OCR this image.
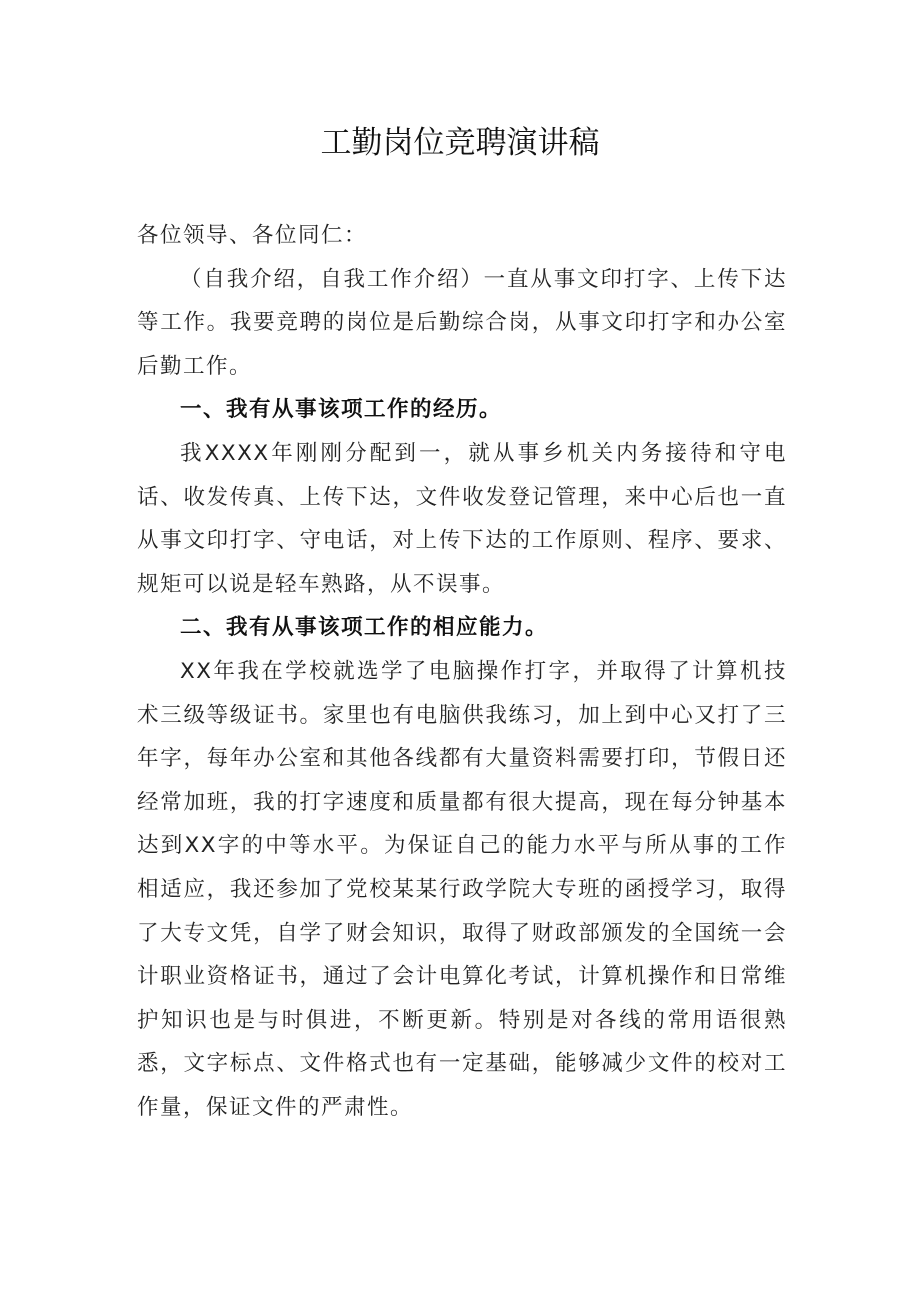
工勤岗位竞聘演讲稿

各位领导、各位同仁：

（自我介绍，自我工作介绍）一直从事文印打字、上传下达等工作。我要竞聘的岗位是后勤综合岗，从事文印打字和办公室后勤工作。

一、我有从事该项工作的经历。

我XXXX年刚刚分配到一，就从事乡机关内务接待和守电话、收发传真、上传下达，文件收发登记管理，来中心后也一直从事文印打字、守电话，对上传下达的工作原则、程序、要求、规矩可以说是轻车熟路，从不误事。

二、我有从事该项工作的相应能力。

XX年我在学校就选学了电脑操作打字，并取得了计算机技术三级等级证书。家里也有电脑供我练习，加上到中心又打了三年字，每年办公室和其他各线都有大量资料需要打印，节假日还经常加班，我的打字速度和质量都有很大提高，现在每分钟基本达到XX字的中等水平。为保证自己的能力水平与所从事的工作相适应，我还参加了党校某某行政学院大专班的函授学习，取得了大专文凭，自学了财会知识，取得了财政部颁发的全国统一会计职业资格证书，通过了会计电算化考试，计算机操作和日常维护知识也是与时俱进，不断更新。特别是对各线的常用语很熟悉，文字标点、文件格式也有一定基础，能够减少文件的校对工作量，保证文件的严肃性。
